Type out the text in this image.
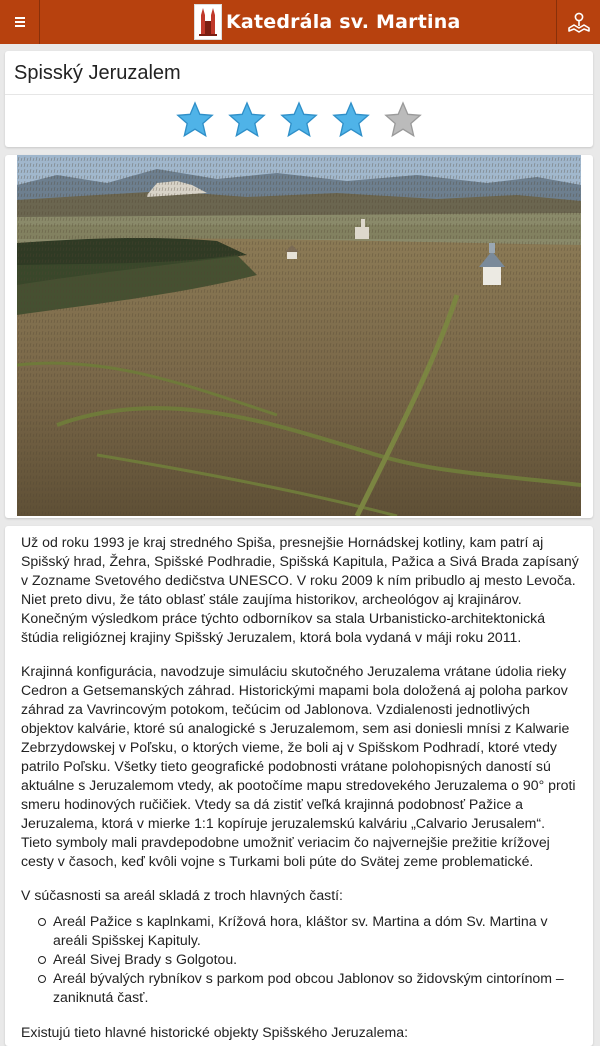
Katedrála sv. Martina
Spisský Jeruzalem

Už od roku 1993 je kraj stredného Spiša, presnejšie Hornádskej kotliny, kam patrí aj Spišský hrad, Žehra, Spišské Podhradie, Spišská Kapitula, Pažica a Sivá Brada zapísaný v Zozname Svetového dedičstva UNESCO. V roku 2009 k ním pribudlo aj mesto Levoča. Niet preto divu, že táto oblasť stále zaujíma historikov, archeológov aj krajinárov. Konečným výsledkom práce týchto odborníkov sa stala Urbanisticko-architektonická štúdia religióznej krajiny Spišský Jeruzalem, ktorá bola vydaná v máji roku 2011.

Krajinná konfigurácia, navodzuje simuláciu skutočného Jeruzalema vrátane údolia rieky Cedron a Getsemanských záhrad. Historickými mapami bola doložená aj poloha parkov záhrad za Vavrincovým potokom, tečúcim od Jablonova. Vzdialenosti jednotlivých objektov kalvárie, ktoré sú analogické s Jeruzalemom, sem asi doniesli mnísi z Kalwarie Zebrzydowskej v Poľsku, o ktorých vieme, že boli aj v Spišskom Podhradí, ktoré vtedy patrilo Poľsku. Všetky tieto geografické podobnosti vrátane polohopisných daností sú aktuálne s Jeruzalemom vtedy, ak pootočíme mapu stredovekého Jeruzalema o 90° proti smeru hodinových ručičiek. Vtedy sa dá zistiť veľká krajinná podobnosť Pažice a Jeruzalema, ktorá v mierke 1:1 kopíruje jeruzalemskú kalváriu „Calvario Jerusalem“. Tieto symboly mali pravdepodobne umožniť veriacim čo najvernejšie prežitie krížovej cesty v časoch, keď kvôli vojne s Turkami boli púte do Svätej zeme problematické.

V súčasnosti sa areál skladá z troch hlavných častí:

Areál Pažice s kaplnkami, Krížová hora, kláštor sv. Martina a dóm Sv. Martina v areáli Spišskej Kapituly.
Areál Sivej Brady s Golgotou.
Areál bývalých rybníkov s parkom pod obcou Jablonov so židovským cintorínom – zaniknutá časť.

Existujú tieto hlavné historické objekty Spišského Jeruzalema:
